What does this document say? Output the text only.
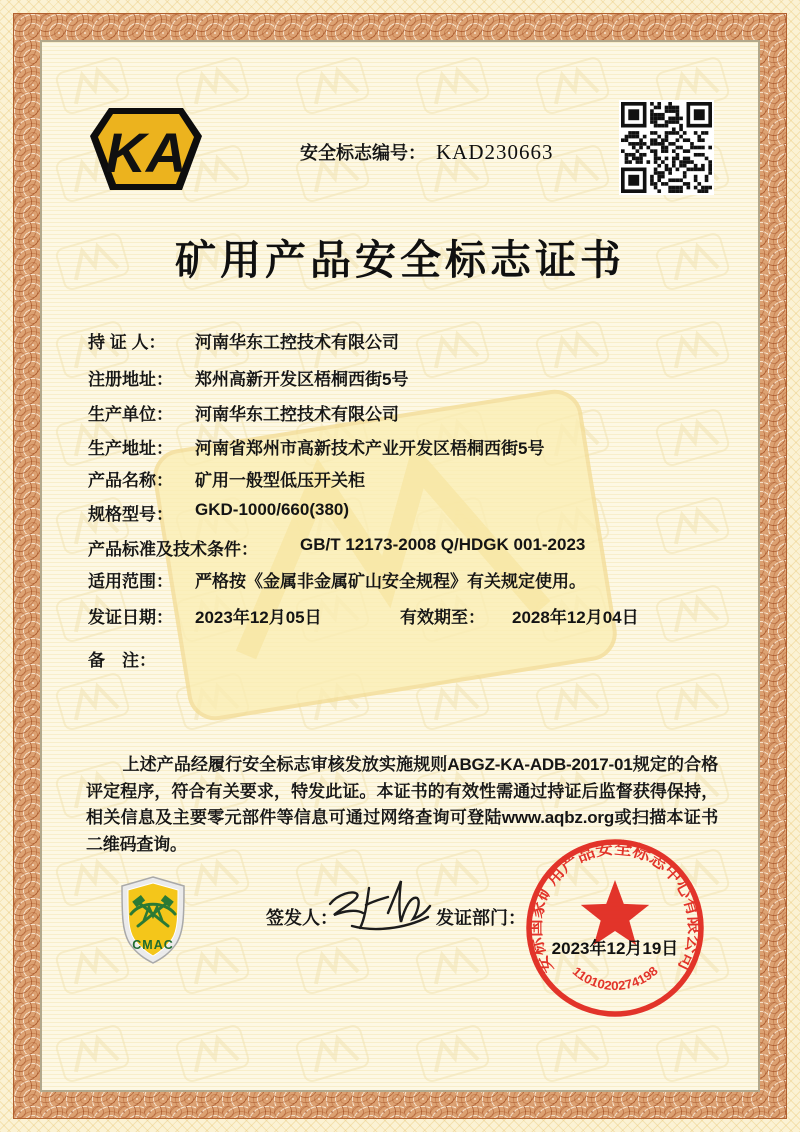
KA	安全标志编号： KAD230663
矿用产品安全标志证书
持 证 人： 河南华东工控技术有限公司
注册地址： 郑州高新开发区梧桐西街5号
生产单位： 河南华东工控技术有限公司
生产地址： 河南省郑州市高新技术产业开发区梧桐西街5号
产品名称： 矿用一般型低压开关柜
规格型号： GKD-1000/660(380)
产品标准及技术条件： GB/T 12173-2008 Q/HDGK 001-2023
适用范围： 严格按《金属非金属矿山安全规程》有关规定使用。
发证日期： 2023年12月05日	有效期至： 2028年12月04日
备　注：
上述产品经履行安全标志审核发放实施规则ABGZ-KA-ADB-2017-01规定的合格评定程序，符合有关要求，特发此证。本证书的有效性需通过持证后监督获得保持，相关信息及主要零元部件等信息可通过网络查询可登陆www.aqbz.org或扫描本证书二维码查询。
CMAC
签发人：	发证部门：
安标国家矿用产品安全标志中心有限公司
1101020274198
2023年12月19日
